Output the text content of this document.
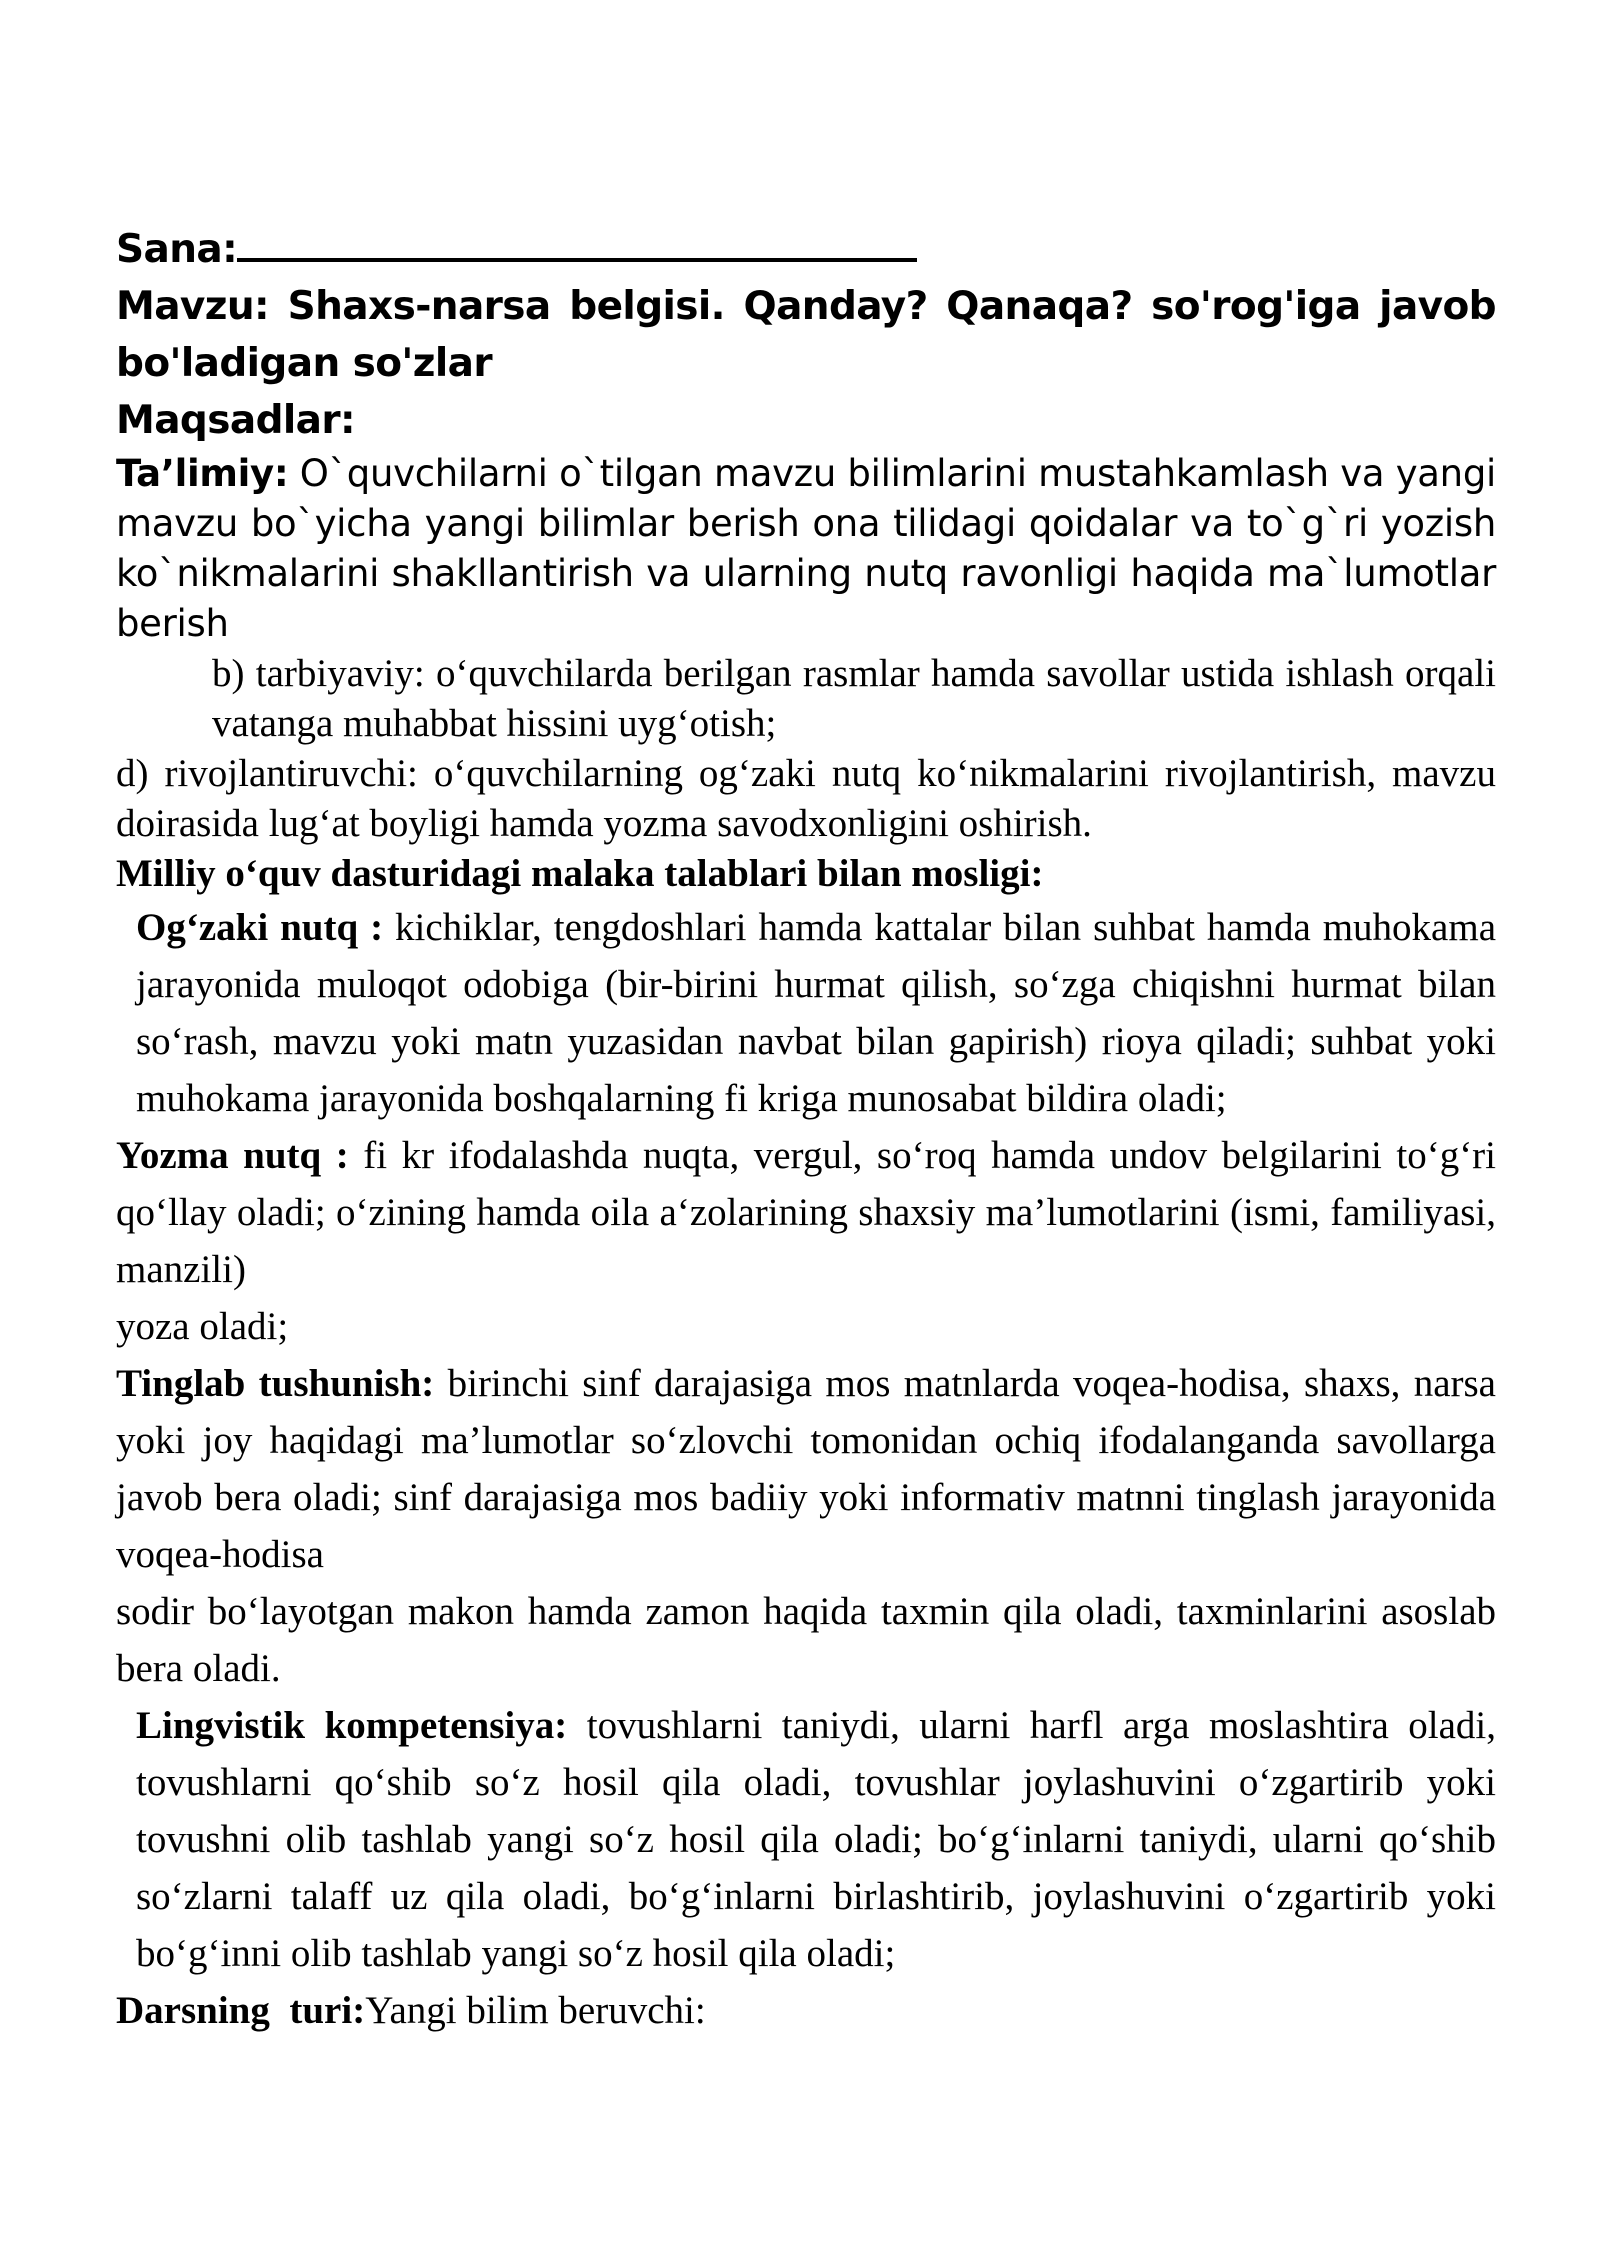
Sana:

Mavzu: Shaxs-narsa belgisi. Qanday? Qanaqa? so'rog'iga javob bo'ladigan so'zlar

Maqsadlar:

Ta’limiy: O`quvchilarni o`tilgan mavzu bilimlarini mustahkamlash va yangi mavzu bo`yicha yangi bilimlar berish ona tilidagi qoidalar va to`g`ri yozish ko`nikmalarini shakllantirish va ularning nutq ravonligi haqida ma`lumotlar berish

b) tarbiyaviy: o‘quvchilarda berilgan rasmlar hamda savollar ustida ishlash orqali vatanga muhabbat hissini uyg‘otish;

d) rivojlantiruvchi: o‘quvchilarning og‘zaki nutq ko‘nikmalarini rivojlantirish, mavzu doirasida lug‘at boyligi hamda yozma savodxonligini oshirish.

Milliy o‘quv dasturidagi malaka talablari bilan mosligi:

Og‘zaki nutq : kichiklar, tengdoshlari hamda kattalar bilan suhbat hamda muhokama jarayonida muloqot odobiga (bir-birini hurmat qilish, so‘zga chiqishni hurmat bilan so‘rash, mavzu yoki matn yuzasidan navbat bilan gapirish) rioya qiladi; suhbat yoki muhokama jarayonida boshqalarning fi kriga munosabat bildira oladi;

Yozma nutq : fi kr ifodalashda nuqta, vergul, so‘roq hamda undov belgilarini to‘g‘ri qo‘llay oladi; o‘zining hamda oila a‘zolarining shaxsiy ma’lumotlarini (ismi, familiyasi, manzili)

yoza oladi;

Tinglab tushunish: birinchi sinf darajasiga mos matnlarda voqea-hodisa, shaxs, narsa yoki joy haqidagi ma’lumotlar so‘zlovchi tomonidan ochiq ifodalanganda savollarga javob bera oladi; sinf darajasiga mos badiiy yoki informativ matnni tinglash jarayonida voqea-hodisa

sodir bo‘layotgan makon hamda zamon haqida taxmin qila oladi, taxminlarini asoslab bera oladi.

Lingvistik kompetensiya: tovushlarni taniydi, ularni harfl arga moslashtira oladi, tovushlarni qo‘shib so‘z hosil qila oladi, tovushlar joylashuvini o‘zgartirib yoki tovushni olib tashlab yangi so‘z hosil qila oladi; bo‘g‘inlarni taniydi, ularni qo‘shib so‘zlarni talaff uz qila oladi, bo‘g‘inlarni birlashtirib, joylashuvini o‘zgartirib yoki bo‘g‘inni olib tashlab yangi so‘z hosil qila oladi;

Darsning  turi:Yangi bilim beruvchi:
